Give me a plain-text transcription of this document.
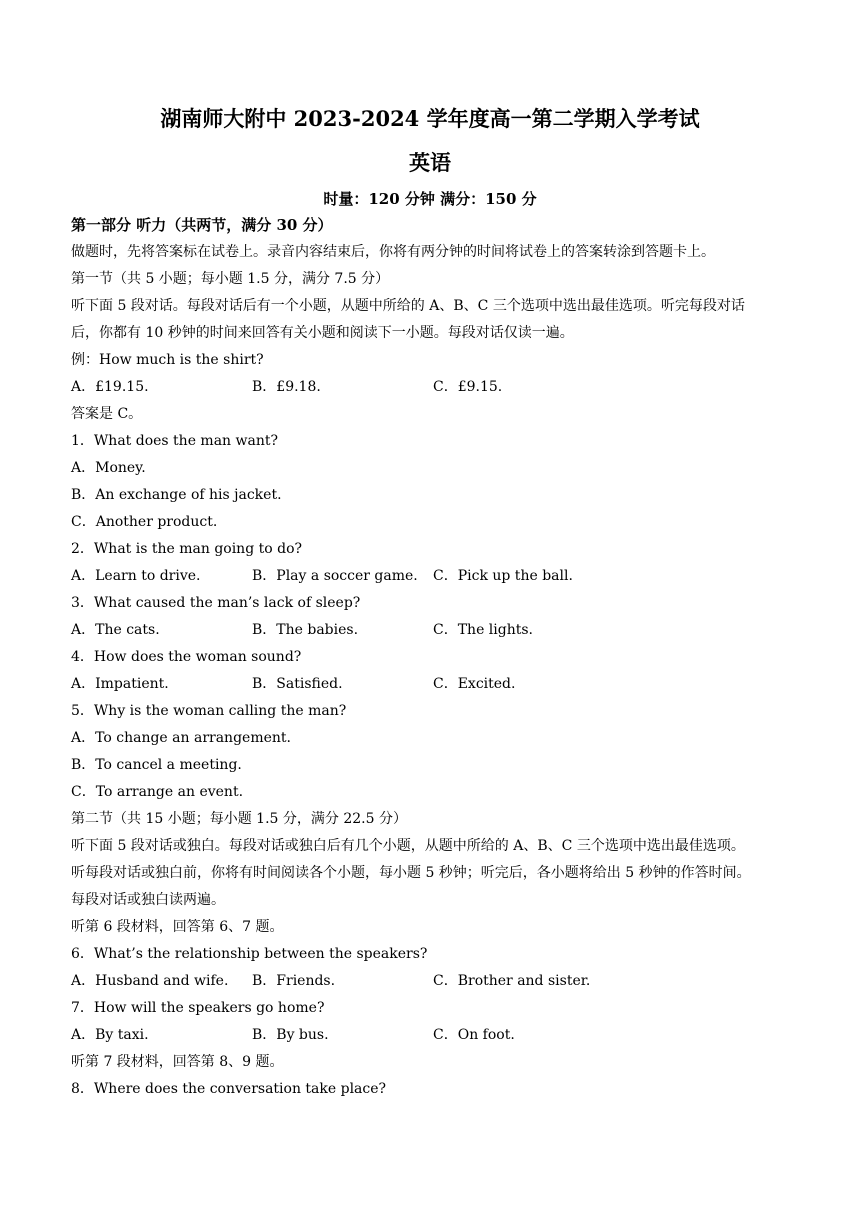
湖南师大附中 2023-2024 学年度高一第二学期入学考试
英语
时量：120 分钟 满分：150 分
第一部分 听力（共两节，满分 30 分）
做题时，先将答案标在试卷上。录音内容结束后，你将有两分钟的时间将试卷上的答案转涂到答题卡上。
第一节（共 5 小题；每小题 1.5 分，满分 7.5 分）
听下面 5 段对话。每段对话后有一个小题，从题中所给的 A、B、C 三个选项中选出最佳选项。听完每段对话
后，你都有 10 秒钟的时间来回答有关小题和阅读下一小题。每段对话仅读一遍。
例：How much is the shirt?
A．£19.15.	B．£9.18.	C．£9.15.
答案是 C。
1．What does the man want?
A．Money.
B．An exchange of his jacket.
C．Another product.
2．What is the man going to do?
A．Learn to drive.	B．Play a soccer game. C．Pick up the ball.
3．What caused the man’s lack of sleep?
A．The cats.	B．The babies.	C．The lights.
4．How does the woman sound?
A．Impatient.	B．Satisfied.	C．Excited.
5．Why is the woman calling the man?
A．To change an arrangement.
B．To cancel a meeting.
C．To arrange an event.
第二节（共 15 小题；每小题 1.5 分，满分 22.5 分）
听下面 5 段对话或独白。每段对话或独白后有几个小题，从题中所给的 A、B、C 三个选项中选出最佳选项。
听每段对话或独白前，你将有时间阅读各个小题，每小题 5 秒钟；听完后，各小题将给出 5 秒钟的作答时间。
每段对话或独白读两遍。
听第 6 段材料，回答第 6、7 题。
6．What’s the relationship between the speakers?
A．Husband and wife. B．Friends.	C．Brother and sister.
7．How will the speakers go home?
A．By taxi.	B．By bus.	C．On foot.
听第 7 段材料，回答第 8、9 题。
8．Where does the conversation take place?
